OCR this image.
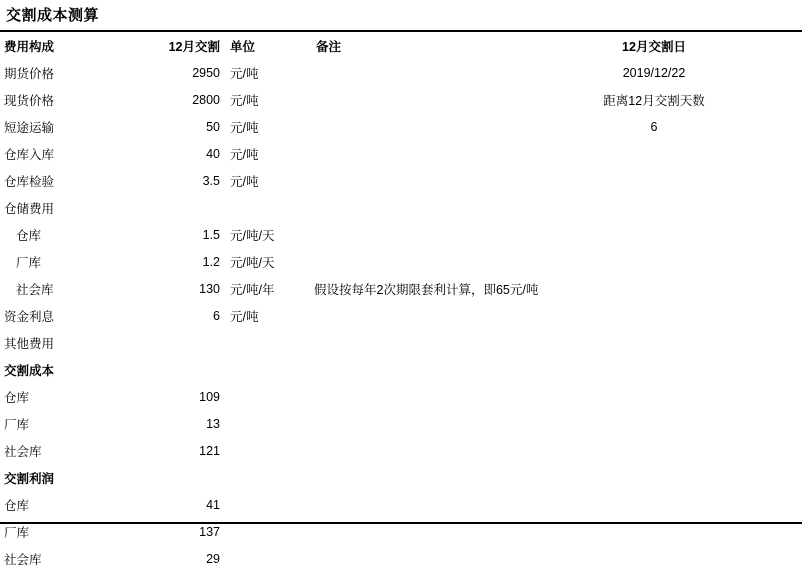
交割成本测算
费用构成	12月交割	单位	备注	12月交割日	
期货价格	2950	元/吨		2019/12/22	
现货价格	2800	元/吨		距离12月交割天数	
短途运输	50	元/吨		6	
仓库入库	40	元/吨			
仓库检验	3.5	元/吨			
仓储费用					
仓库	1.5	元/吨/天			
厂库	1.2	元/吨/天			
社会库	130	元/吨/年	假设按每年2次期限套利计算，即65元/吨		
资金利息	6	元/吨			
其他费用					
交割成本					
仓库	109				
厂库	13				
社会库	121				
交割利润					
仓库	41				
厂库	137				
社会库	29				
